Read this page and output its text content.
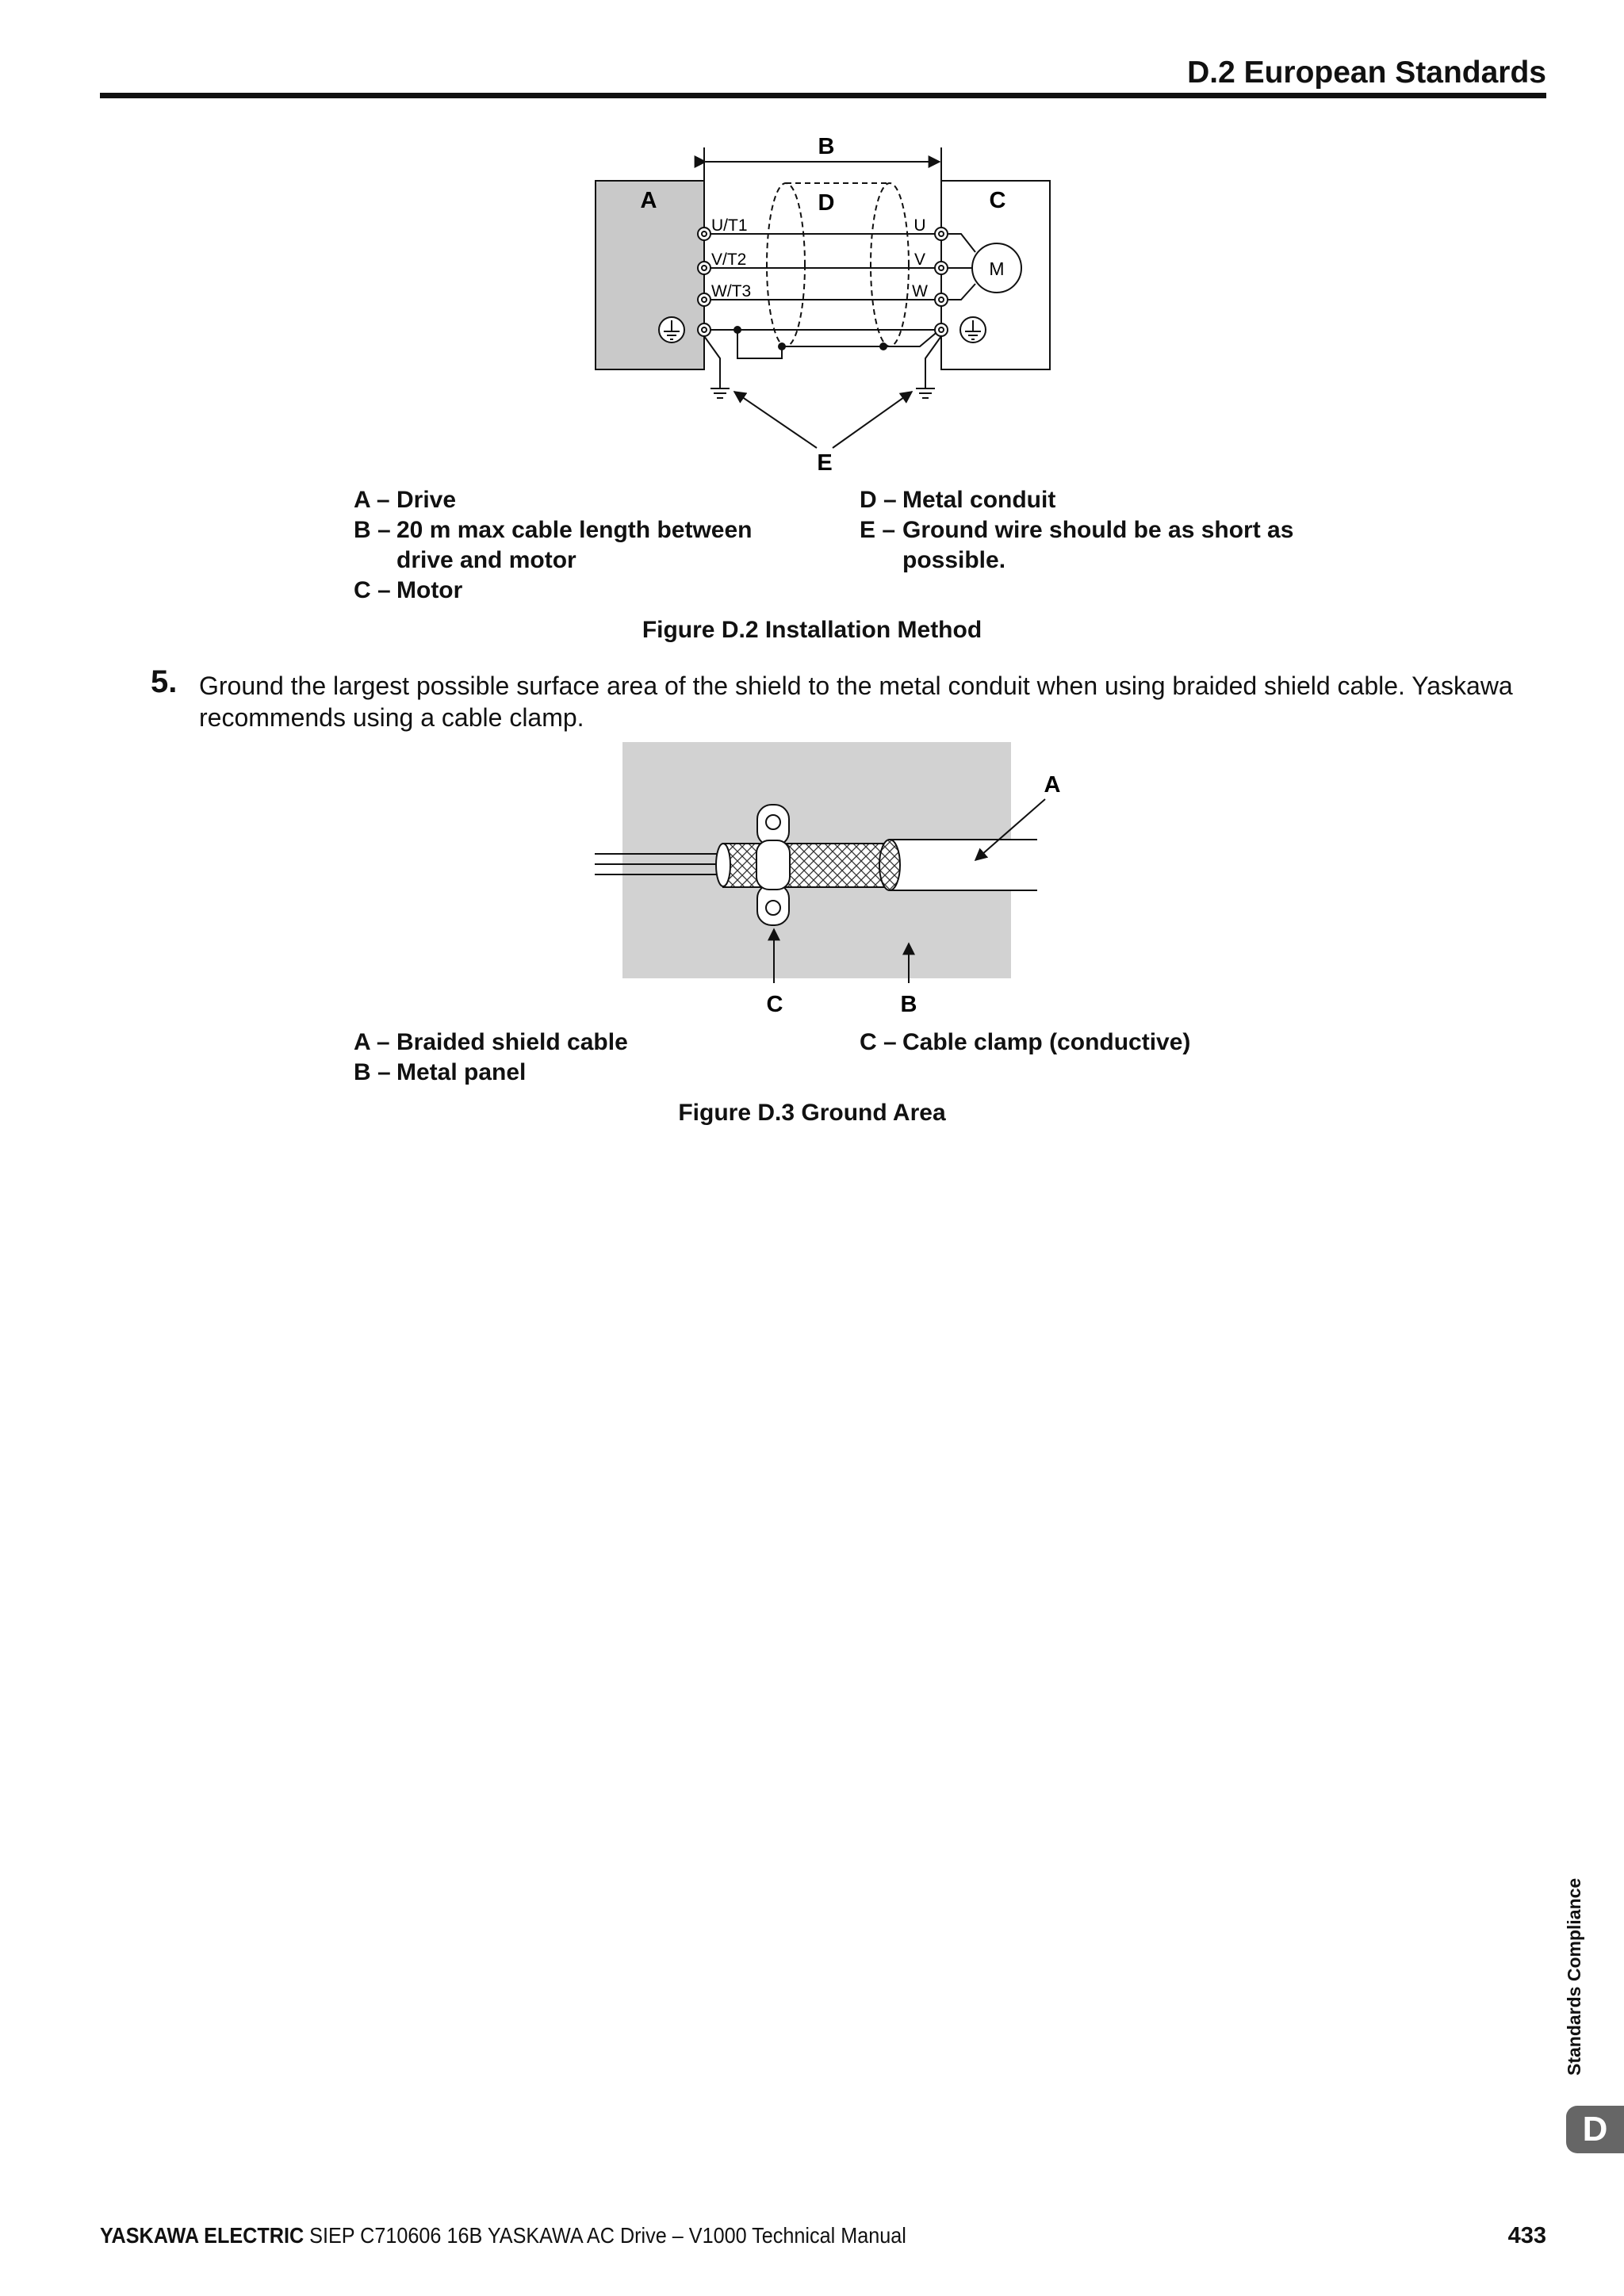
D.2 European Standards
B
A	C
M
D
U/T1
V/T2
W/T3
U
V
W
E
A – Drive
B – 20 m max cable length between drive and motor
C – Motor
D – Metal conduit
E – Ground wire should be as short as possible.
Figure D.2 Installation Method
5. Ground the largest possible surface area of the shield to the metal conduit when using braided shield cable. Yaskawa recommends using a cable clamp.
A
C	B
A – Braided shield cable
B – Metal panel
C – Cable clamp (conductive)
Figure D.3 Ground Area
Standards Compliance
D
YASKAWA ELECTRIC SIEP C710606 16B YASKAWA AC Drive – V1000 Technical Manual	433
